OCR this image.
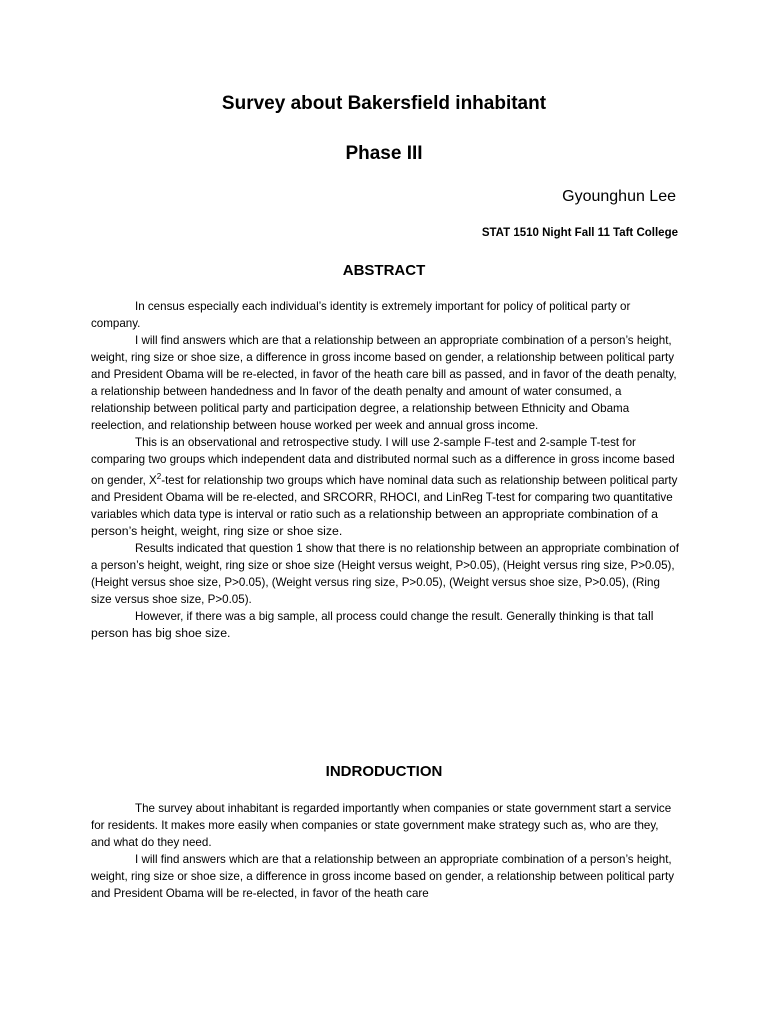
Survey about Bakersfield inhabitant
Phase III
Gyounghun Lee
STAT 1510 Night Fall 11 Taft College
ABSTRACT

In census especially each individual’s identity is extremely important for policy of political party or company.

I will find answers which are that a relationship between an appropriate combination of a person’s height, weight, ring size or shoe size, a difference in gross income based on gender, a relationship between political party and President Obama will be re-elected, in favor of the heath care bill as passed, and in favor of the death penalty, a relationship between handedness and In favor of the death penalty and amount of water consumed, a relationship between political party and participation degree, a relationship between Ethnicity and Obama reelection, and relationship between house worked per week and annual gross income.

This is an observational and retrospective study. I will use 2-sample F-test and 2-sample T-test for comparing two groups which independent data and distributed normal such as a difference in gross income based on gender, $X^2$-test for relationship two groups which have nominal data such as relationship between political party and President Obama will be re-elected, and SRCORR, RHOCI, and LinReg T-test for comparing two quantitative variables which data type is interval or ratio such as a relationship between an appropriate combination of a person’s height, weight, ring size or shoe size.

Results indicated that question 1 show that there is no relationship between an appropriate combination of a person’s height, weight, ring size or shoe size (Height versus weight, P>0.05), (Height versus ring size, P>0.05), (Height versus shoe size, P>0.05), (Weight versus ring size, P>0.05), (Weight versus shoe size, P>0.05), (Ring size versus shoe size, P>0.05).

However, if there was a big sample, all process could change the result. Generally thinking is that tall person has big shoe size.

INDRODUCTION

The survey about inhabitant is regarded importantly when companies or state government start a service for residents. It makes more easily when companies or state government make strategy such as, who are they, and what do they need.

I will find answers which are that a relationship between an appropriate combination of a person’s height, weight, ring size or shoe size, a difference in gross income based on gender, a relationship between political party and President Obama will be re-elected, in favor of the heath care
